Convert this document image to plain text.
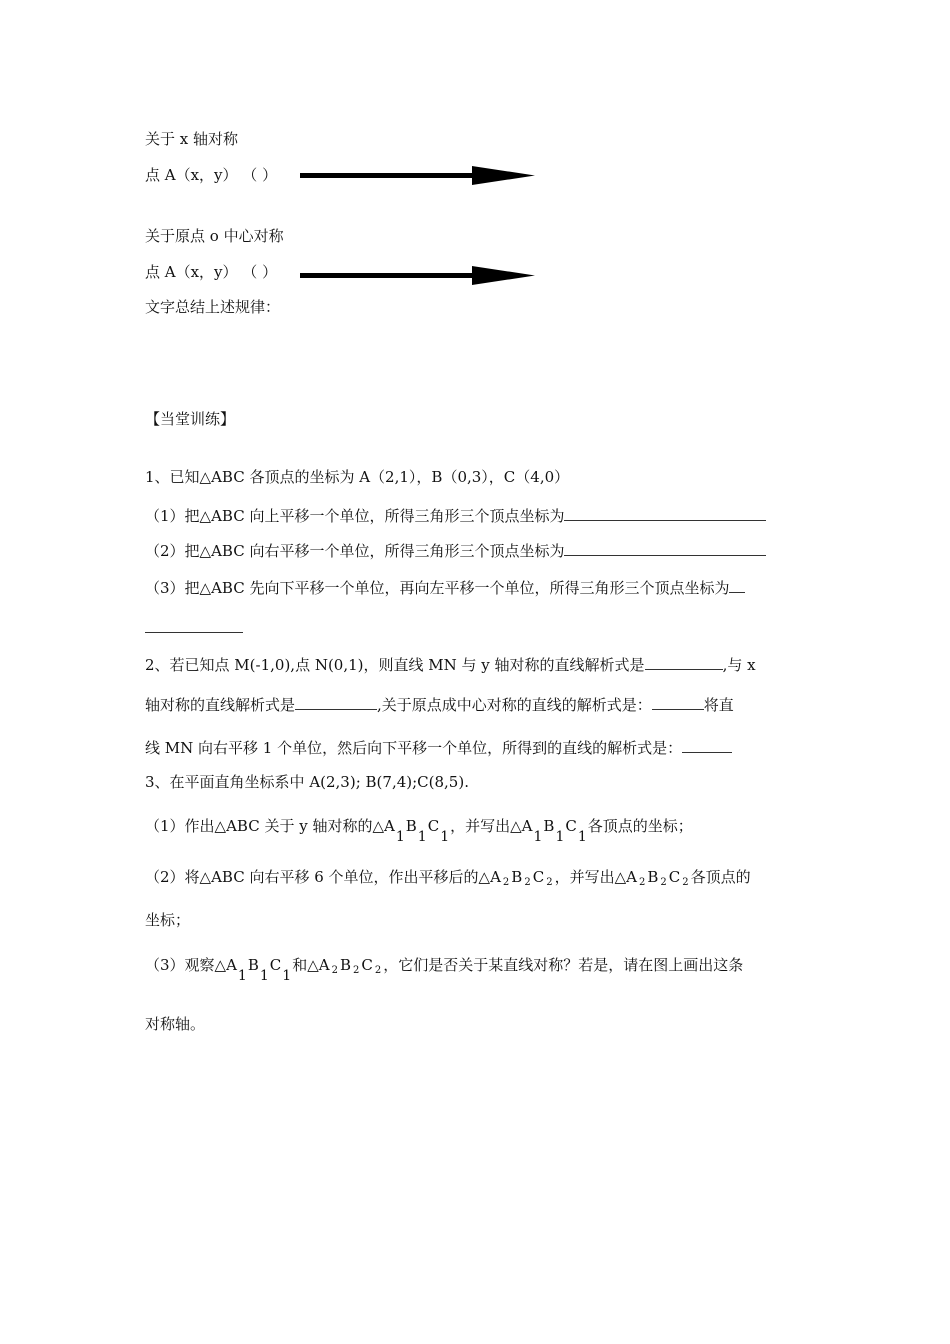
关于 x 轴对称
点 A（x，y） （ ）
关于原点 o 中心对称
点 A（x，y） （ ）
文字总结上述规律：
【当堂训练】
1、已知△ABC 各顶点的坐标为 A（2,1），B（0,3），C（4,0）
（1）把△ABC 向上平移一个单位，所得三角形三个顶点坐标为
（2）把△ABC 向右平移一个单位，所得三角形三个顶点坐标为
（3）把△ABC 先向下平移一个单位，再向左平移一个单位，所得三角形三个顶点坐标为
2、若已知点 M(-1,0),点 N(0,1)，则直线 MN 与 y 轴对称的直线解析式是	,与 x
轴对称的直线解析式是	,关于原点成中心对称的直线的解析式是：	将直
线 MN 向右平移 1 个单位，然后向下平移一个单位，所得到的直线的解析式是：
3、在平面直角坐标系中 A(2,3); B(7,4);C(8,5).
（1）作出△ABC 关于 y 轴对称的△A1B1C1，并写出△A1B1C1各顶点的坐标；
（2）将△ABC 向右平移 6 个单位，作出平移后的△A $_2$ B $_2$ C $_2$ ，并写出△A $_2$ B $_2$ C $_2$ 各顶点的
坐标；
（3）观察△A1B1C1和△A $_2$ B $_2$ C $_2$ ，它们是否关于某直线对称？若是，请在图上画出这条
对称轴。
